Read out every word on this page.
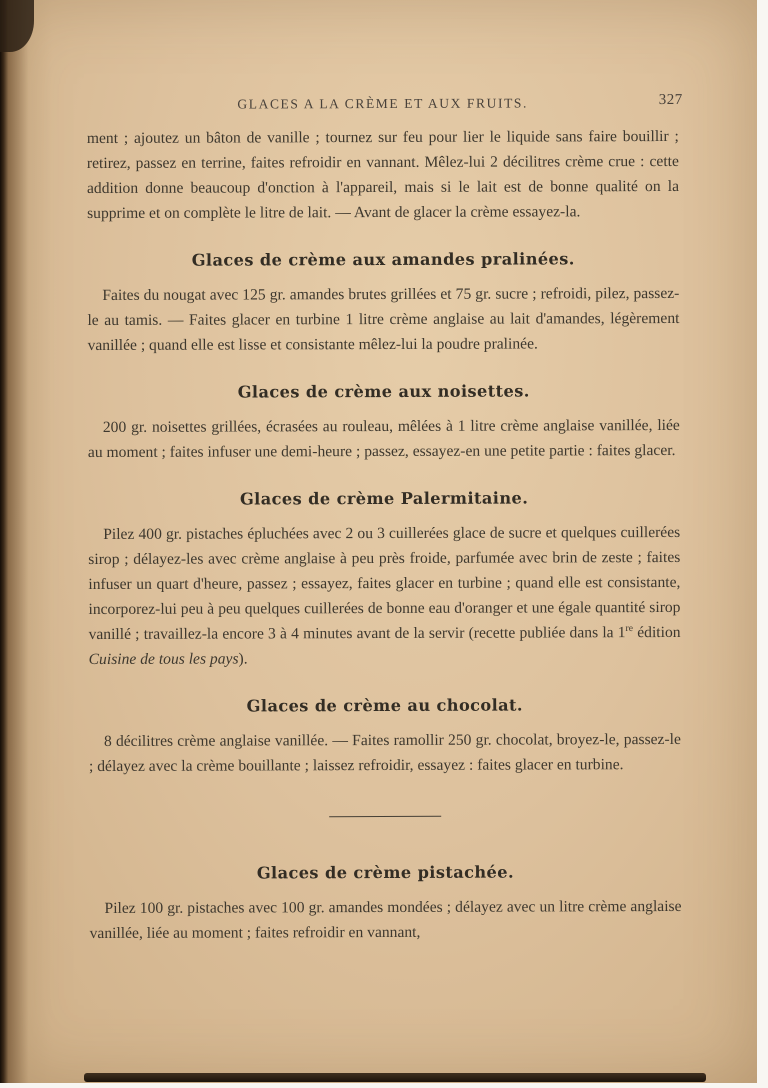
GLACES A LA CRÈME ET AUX FRUITS.	327

ment ; ajoutez un bâton de vanille ; tournez sur feu pour lier le liquide sans faire bouillir ; retirez, passez en terrine, faites refroidir en vannant. Mêlez-lui 2 décilitres crème crue : cette addition donne beaucoup d'onction à l'appareil, mais si le lait est de bonne qualité on la supprime et on complète le litre de lait. — Avant de glacer la crème essayez-la.

Glaces de crème aux amandes pralinées.

Faites du nougat avec 125 gr. amandes brutes grillées et 75 gr. sucre ; refroidi, pilez, passez-le au tamis. — Faites glacer en turbine 1 litre crème anglaise au lait d'amandes, légèrement vanillée ; quand elle est lisse et consistante mêlez-lui la poudre pralinée.

Glaces de crème aux noisettes.

200 gr. noisettes grillées, écrasées au rouleau, mêlées à 1 litre crème anglaise vanillée, liée au moment ; faites infuser une demi-heure ; passez, essayez-en une petite partie : faites glacer.

Glaces de crème Palermitaine.

Pilez 400 gr. pistaches épluchées avec 2 ou 3 cuillerées glace de sucre et quelques cuillerées sirop ; délayez-les avec crème anglaise à peu près froide, parfumée avec brin de zeste ; faites infuser un quart d'heure, passez ; essayez, faites glacer en turbine ; quand elle est consistante, incorporez-lui peu à peu quelques cuillerées de bonne eau d'oranger et une égale quantité sirop vanillé ; travaillez-la encore 3 à 4 minutes avant de la servir (recette publiée dans la 1re édition Cuisine de tous les pays).

Glaces de crème au chocolat.

8 décilitres crème anglaise vanillée. — Faites ramollir 250 gr. chocolat, broyez-le, passez-le ; délayez avec la crème bouillante ; laissez refroidir, essayez : faites glacer en turbine.

Glaces de crème pistachée.

Pilez 100 gr. pistaches avec 100 gr. amandes mondées ; délayez avec un litre crème anglaise vanillée, liée au moment ; faites refroidir en vannant,
